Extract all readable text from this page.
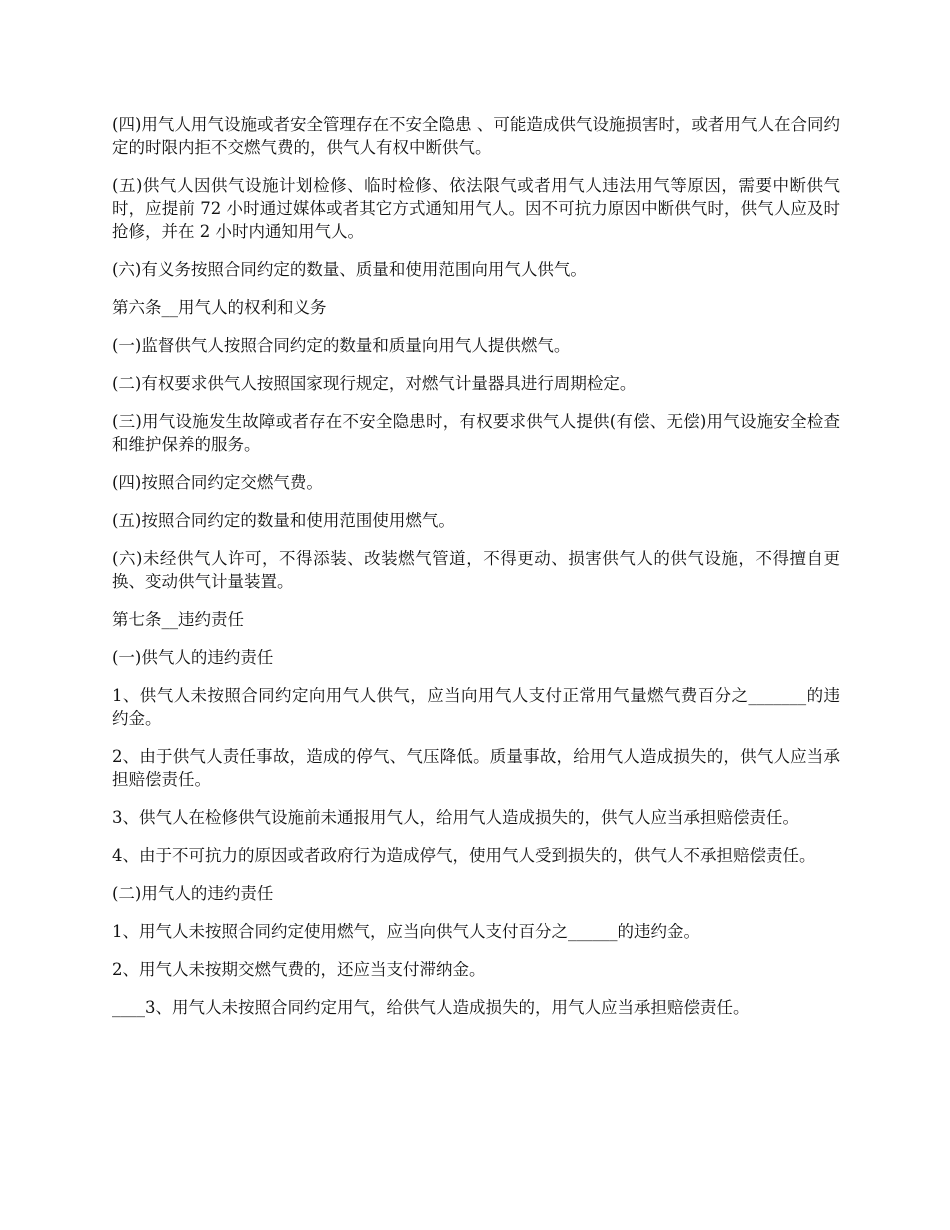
(四)用气人用气设施或者安全管理存在不安全隐患 、可能造成供气设施损害时，或者用气人在合同约定的时限内拒不交燃气费的，供气人有权中断供气。

(五)供气人因供气设施计划检修、临时检修、依法限气或者用气人违法用气等原因，需要中断供气时，应提前 72 小时通过媒体或者其它方式通知用气人。因不可抗力原因中断供气时，供气人应及时抢修，并在 2 小时内通知用气人。

(六)有义务按照合同约定的数量、质量和使用范围向用气人供气。

第六条__用气人的权利和义务

(一)监督供气人按照合同约定的数量和质量向用气人提供燃气。

(二)有权要求供气人按照国家现行规定，对燃气计量器具进行周期检定。

(三)用气设施发生故障或者存在不安全隐患时，有权要求供气人提供(有偿、无偿)用气设施安全检查和维护保养的服务。

(四)按照合同约定交燃气费。

(五)按照合同约定的数量和使用范围使用燃气。

(六)未经供气人许可，不得添装、改装燃气管道，不得更动、损害供气人的供气设施，不得擅自更换、变动供气计量装置。

第七条__违约责任

(一)供气人的违约责任

1、供气人未按照合同约定向用气人供气，应当向用气人支付正常用气量燃气费百分之_______的违约金。

2、由于供气人责任事故，造成的停气、气压降低。质量事故，给用气人造成损失的，供气人应当承担赔偿责任。

3、供气人在检修供气设施前未通报用气人，给用气人造成损失的，供气人应当承担赔偿责任。

4、由于不可抗力的原因或者政府行为造成停气，使用气人受到损失的，供气人不承担赔偿责任。

(二)用气人的违约责任

1、用气人未按照合同约定使用燃气，应当向供气人支付百分之______的违约金。

2、用气人未按期交燃气费的，还应当支付滞纳金。

____3、用气人未按照合同约定用气，给供气人造成损失的，用气人应当承担赔偿责任。
